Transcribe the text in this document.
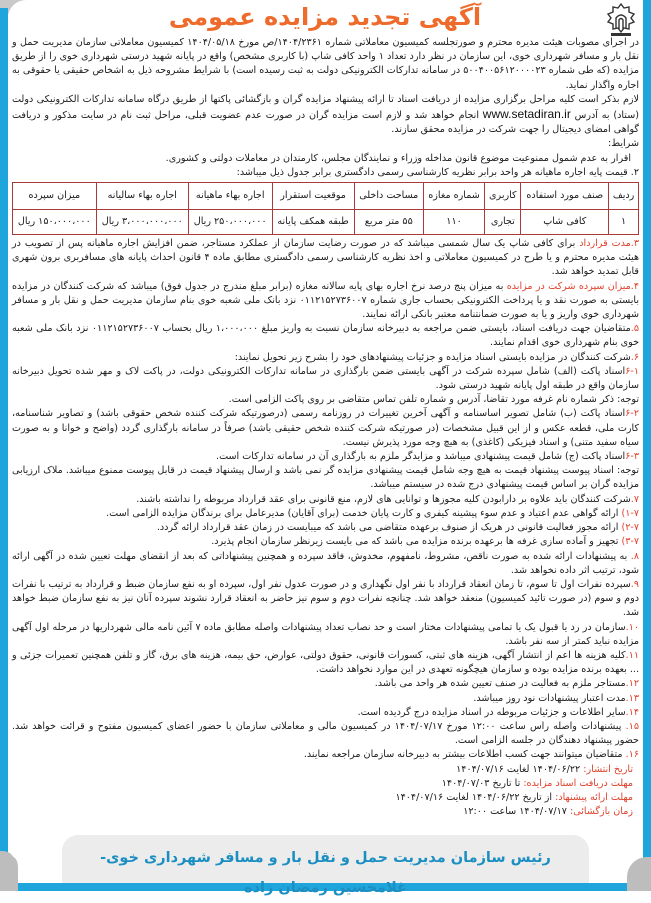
آگهی تجدید مزایده عمومی

در اجرای مصوبات هیئت مدیره محترم و صورتجلسه کمیسیون معاملاتی شماره ۱۴۰۴/۲۳۶۱/ص مورخ ۱۴۰۴/۰۵/۱۸ کمیسیون معاملاتی سازمان مدیریت حمل و نقل بار و مسافر شهرداری خوی، این سازمان در نظر دارد تعداد ۱ واحد کافی شاپ (با کاربری مشخص) واقع در پایانه شهید درستی شهرداری خوی را از طریق مزایده (که طی شماره ۵۰۰۴۰۰۵۶۱۲۰۰۰۰۲۳ در سامانه تدارکات الکترونیکی دولت به ثبت رسیده است) با شرایط مشروحه ذیل به اشخاص حقیقی یا حقوقی به اجاره واگذار نماید.

لازم بذکر است کلیه مراحل برگزاری مزایده از دریافت اسناد تا ارائه پیشنهاد مزایده گران و بازگشائی پاکتها از طریق درگاه سامانه تدارکات الکترونیکی دولت (ستاد) به آدرس www.setadiran.ir انجام خواهد شد و لازم است مزایده گران در صورت عدم عضویت قبلی، مراحل ثبت نام در سایت مذکور و دریافت گواهی امضای دیجیتال را جهت شرکت در مزایده محقق سازند.

شرایط:

اقرار به عدم شمول ممنوعیت موضوع قانون مداخله وزراء و نمایندگان مجلس، کارمندان در معاملات دولتی و کشوری.

۲. قیمت پایه اجاره ماهیانه هر واحد برابر نظریه کارشناسی رسمی دادگستری برابر جدول ذیل میباشد:

ردیف	صنف مورد استفاده	کاربری	شماره مغازه	مساحت داخلی	موقعیت استقرار	اجاره بهاء ماهیانه	اجاره بهاء سالیانه	میزان سپرده
۱	کافی شاپ	تجاری	۱۱۰	۵۵ متر مربع	طبقه همکف پایانه	۲۵۰،۰۰۰،۰۰۰ ریال	۳،۰۰۰،۰۰۰،۰۰۰ ریال	۱۵۰،۰۰۰،۰۰۰ ریال

۳.مدت قرارداد برای کافی شاپ یک سال شمسی میباشد که در صورت رضایت سازمان از عملکرد مستاجر، ضمن افزایش اجاره ماهیانه پس از تصویب در هیئت مدیره محترم و یا طرح در کمیسیون معاملاتی و اخذ نظریه کارشناسی رسمی دادگستری مطابق ماده ۴ قانون احداث پایانه های مسافربری برون شهری قابل تمدید خواهد شد.

۴.میزان سپرده شرکت در مزایده به میزان پنج درصد نرخ اجاره بهای پایه سالانه مغازه (برابر مبلغ مندرج در جدول فوق) میباشد که شرکت کنندگان در مزایده بایستی به صورت نقد و یا پرداخت الکترونیکی بحساب جاری شماره ۰۱۱۲۱۵۲۷۳۶۰۰۷ نزد بانک ملی شعبه خوی بنام سازمان مدیریت حمل و نقل بار و مسافر شهرداری خوی واریز و یا به صورت ضمانتنامه معتبر بانکی ارائه نمایند.

۵.متقاضیان جهت دریافت اسناد، بایستی ضمن مراجعه به دبیرخانه سازمان نسبت به واریز مبلغ ۱،۰۰۰،۰۰۰ ریال بحساب ۰۱۱۲۱۵۲۷۳۶۰۰۷ نزد بانک ملی شعبه خوی بنام شهرداری خوی اقدام نمایند.

۶.شرکت کنندگان در مزایده بایستی اسناد مزایده و جزئیات پیشنهادهای خود را بشرح زیر تحویل نمایند:

۶-۱اسناد پاکت (الف) شامل سپرده شرکت در آگهی بایستی ضمن بارگذاری در سامانه تدارکات الکترونیکی دولت، در پاکت لاک و مهر شده تحویل دبیرخانه سازمان واقع در طبقه اول پایانه شهید درستی شود.

توجه: ذکر شماره نام غرفه مورد تقاضا، آدرس و شماره تلفن تماس متقاضی بر روی پاکت الزامی است.

۶-۲اسناد پاکت (ب) شامل تصویر اساسنامه و آگهی آخرین تغییرات در روزنامه رسمی (درصورتیکه شرکت کننده شخص حقوقی باشد) و تصاویر شناسنامه، کارت ملی، قطعه عکس و از این قبیل مشخصات (در صورتیکه شرکت کننده شخص حقیقی باشد) صرفاً در سامانه بارگذاری گردد (واضح و خوانا و به صورت سیاه سفید متنی) و اسناد فیزیکی (کاغذی) به هیچ وجه مورد پذیرش نیست.

۶-۳اسناد پاکت (ج) شامل قیمت پیشنهادی میباشد و مزایدگر ملزم به بارگذاری آن در سامانه تدارکات است.

توجه: اسناد پیوست پیشنهاد قیمت به هیچ وجه شامل قیمت پیشنهادی مزایده گر نمی باشد و ارسال پیشنهاد قیمت در قابل پیوست ممنوع میباشد. ملاک ارزیابی مزایده گران بر اساس قیمت پیشنهادی درج شده در سیستم میباشد.

۷.شرکت کنندگان باید علاوه بر دارابودن کلیه مجوزها و توانایی های لازم، منع قانونی برای عقد قرارداد مربوطه را نداشته باشند.

۱-۷) ارائه گواهی عدم اعتیاد و عدم سوء پیشینه کیفری و کارت پایان خدمت (برای آقایان) مدیرعامل برای برندگان مزایده الزامی است.

۲-۷) ارائه مجوز فعالیت قانونی در هریک از صنوف برعهده متقاضی می باشد که میبایست در زمان عقد قرارداد ارائه گردد.

۳-۷) تجهیز و آماده سازی غرفه ها برعهده برنده مزایده می باشد که می بایست زیرنظر سازمان انجام پذیرد.

۸. به پیشنهادات ارائه شده به صورت ناقص، مشروط، نامفهوم، مخدوش، فاقد سپرده و همچنین پیشنهاداتی که بعد از انقضای مهلت تعیین شده در آگهی ارائه شود، ترتیب اثر داده نخواهد شد.

۹.سپرده نفرات اول تا سوم، تا زمان انعقاد قرارداد با نفر اول نگهداری و در صورت عدول نفر اول، سپرده او به نفع سازمان ضبط و قرارداد به ترتیب با نفرات دوم و سوم (در صورت تائید کمیسیون) منعقد خواهد شد. چنانچه نفرات دوم و سوم نیز حاضر به انعقاد قرارد نشوند سپرده آنان نیز به نفع سازمان ضبط خواهد شد.

۱۰.سازمان در رد یا قبول یک یا تمامی پیشنهادات مختار است و حد نصاب تعداد پیشنهادات واصله مطابق ماده ۷ آئین نامه مالی شهرداریها در مرحله اول آگهی مزایده نباید کمتر از سه نفر باشد.

۱۱.کلیه هزینه ها اعم از انتشار آگهی، هزینه های ثبتی، کسورات قانونی، حقوق دولتی، عوارض، حق بیمه، هزینه های برق، گاز و تلفن همچنین تعمیرات جزئی و ... بعهده برنده مزایده بوده و سازمان هیچگونه تعهدی در این موارد نخواهد داشت.

۱۲.مستاجر ملزم به فعالیت در صنف تعیین شده هر واحد می باشد.

۱۳.مدت اعتبار پیشنهادات نود روز میباشد.

۱۴.سایر اطلاعات و جزئیات مربوطه در اسناد مزایده درج گردیده است.

۱۵. پیشنهادات واصله راس ساعت ۱۲:۰۰ مورخ ۱۴۰۴/۰۷/۱۷ در کمیسیون مالی و معاملاتی سازمان با حضور اعضای کمیسیون مفتوح و قرائت خواهد شد. حضور پیشنهاد دهندگان در جلسه الزامی است.

۱۶. متقاضیان میتوانند جهت کسب اطلاعات بیشتر به دبیرخانه سازمان مراجعه نمایند.

تاریخ انتشار: ۱۴۰۴/۰۶/۲۲ لغایت ۱۴۰۴/۰۷/۱۶

مهلت دریافت اسناد مزایده: تا تاریخ ۱۴۰۴/۰۷/۰۳

مهلت ارائه پیشنهاد: از تاریخ ۱۴۰۴/۰۶/۲۲ لغایت ۱۴۰۴/۰۷/۱۶

زمان بازگشائی: ۱۴۰۴/۰۷/۱۷ ساعت ۱۲:۰۰

رئیس سازمان مدیریت حمل و نقل بار و مسافر شهرداری خوی- غلامحسین رمضان زاده
